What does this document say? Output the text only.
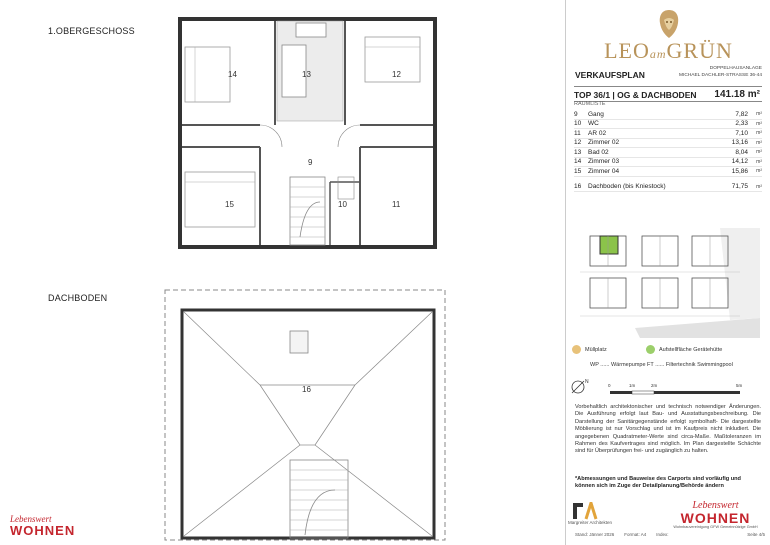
1.OBERGESCHOSS
DACHBODEN
14	13	12
9
15	10	11
16
LEOamGRÜN
VERKAUFSPLAN
DOPPELHAUSANLAGE
MICHAEL DACHLER-STRASSE 36-44
TOP 36/1 | OG & DACHBODEN 141.18 m²
RAUMLISTE
9	Gang	7,82	m²
10	WC	2,33	m²
11	AR 02	7,10	m²
12	Zimmer 02	13,16	m²
13	Bad 02	8,04	m²
14	Zimmer 03	14,12	m²
15	Zimmer 04	15,86	m²
16	Dachboden (bis Kniestock)	71,75	m²
Müllplatz	Aufstellfläche Gerätehütte
WP ...... Wärmepumpe FT ...... Filtertechnik Swimmingpool
N
0	1m	2m	5m
Vorbehaltlich architektonischer und technisch notwendiger Änderungen. Die Ausführung erfolgt laut Bau- und Ausstattungsbeschreibung. Die Darstellung der Sanitärgegenstände erfolgt symbolhaft- Die dargestellte Möblierung ist nur Vorschlag und ist im Kaufpreis nicht inkludiert. Die angegebenen Quadratmeter-Werte sind circa-Maße. Maßtoleranzen im Rahmen des Kaufvertrages sind möglich. Im Plan dargestellte Schächte sind für Überprüfungen frei- und zugänglich zu halten.
*Abmessungen und Bauweise des Carports sind vorläufig und können sich im Zuge der Detailplanung/Behörde ändern
Margreiter Architekten
Lebenswert
WOHNEN
Wohnbauvereinigung GFW Gemeinnützige GmbH
Stand: Jänner 2026 Format: A4 Index:	Seite 4/5
Lebenswert
WOHNEN
